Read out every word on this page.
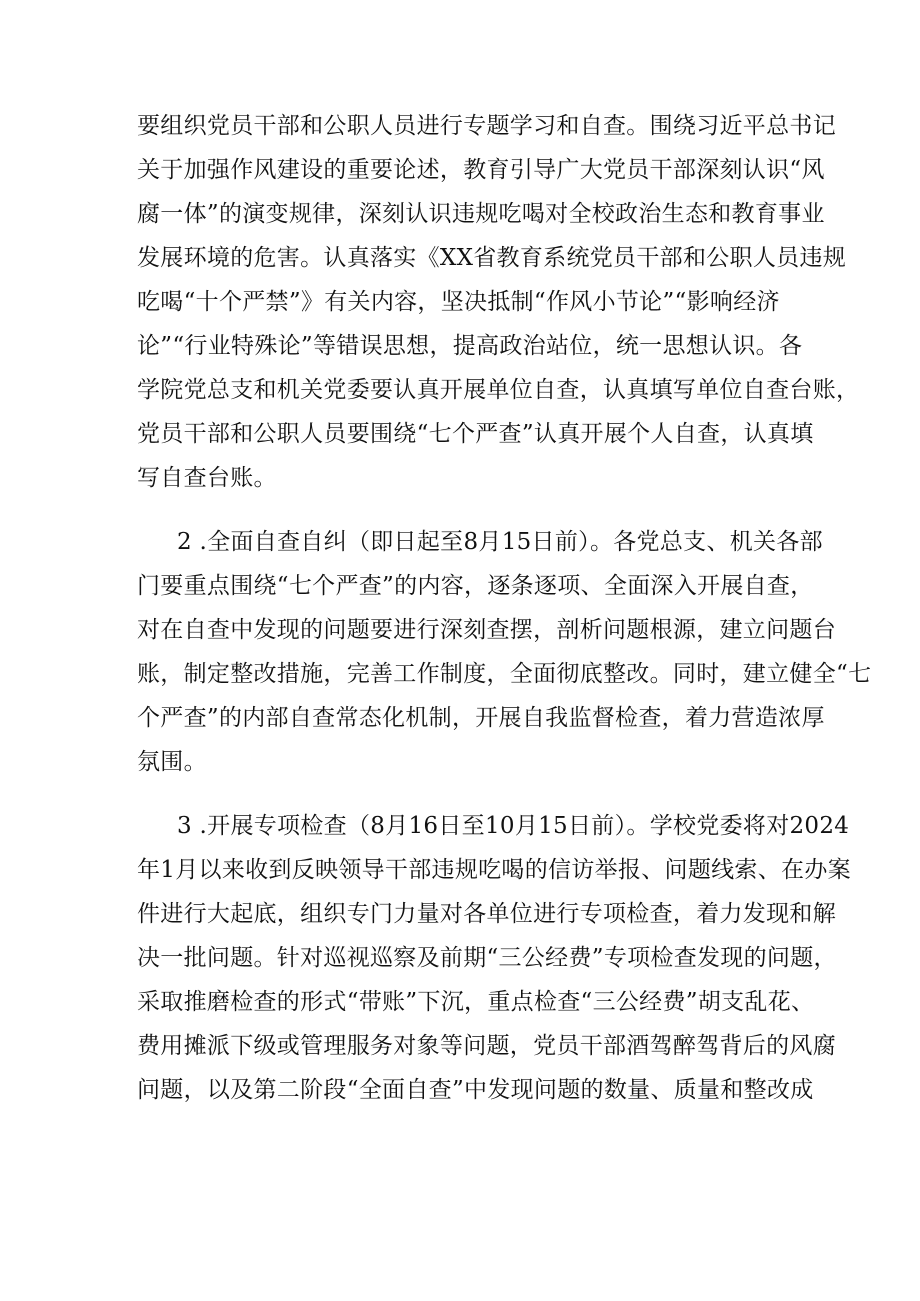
要组织党员干部和公职人员进行专题学习和自查。围绕习近平总书记
关于加强作风建设的重要论述，教育引导广大党员干部深刻认识“风
腐一体”的演变规律，深刻认识违规吃喝对全校政治生态和教育事业
发展环境的危害。认真落实《XX省教育系统党员干部和公职人员违规
吃喝“十个严禁”》有关内容，坚决抵制“作风小节论”“影响经济
论”“行业特殊论”等错误思想，提高政治站位，统一思想认识。各
学院党总支和机关党委要认真开展单位自查，认真填写单位自查台账，
党员干部和公职人员要围绕“七个严查”认真开展个人自查，认真填
写自查台账。
2 .全面自查自纠（即日起至8月15日前）。各党总支、机关各部
门要重点围绕“七个严查”的内容，逐条逐项、全面深入开展自查，
对在自查中发现的问题要进行深刻查摆，剖析问题根源，建立问题台
账，制定整改措施，完善工作制度，全面彻底整改。同时，建立健全“七
个严查”的内部自查常态化机制，开展自我监督检查，着力营造浓厚
氛围。
3 .开展专项检查（8月16日至10月15日前）。学校党委将对2024
年1月以来收到反映领导干部违规吃喝的信访举报、问题线索、在办案
件进行大起底，组织专门力量对各单位进行专项检查，着力发现和解
决一批问题。针对巡视巡察及前期“三公经费”专项检查发现的问题，
采取推磨检查的形式“带账”下沉，重点检查“三公经费”胡支乱花、
费用摊派下级或管理服务对象等问题，党员干部酒驾醉驾背后的风腐
问题，以及第二阶段“全面自查”中发现问题的数量、质量和整改成
